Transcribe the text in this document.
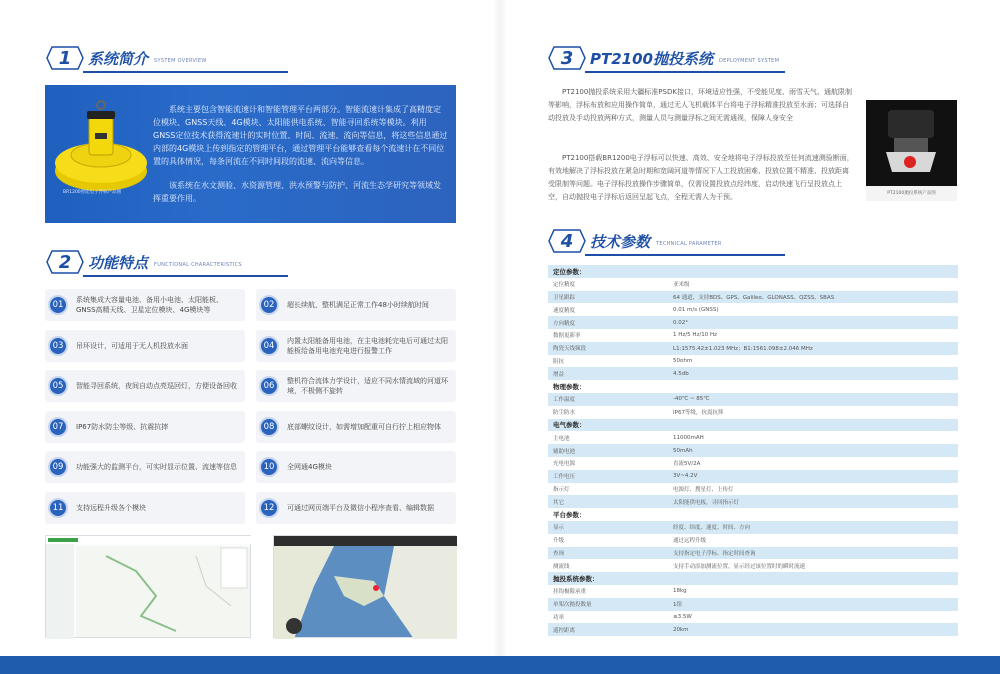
1 系统简介 SYSTEM OVERVIEW
BR1200智能电子浮标产品图

系统主要包含智能流速计和智能管理平台两部分。智能流速计集成了高精度定位模块、GNSS天线、4G模块、太阳能供电系统、智能寻回系统等模块。利用GNSS定位技术获得流速计的实时位置、时间、流速、流向等信息，将这些信息通过内部的4G模块上传到指定的管理平台，通过管理平台能够查看每个流速计在不同位置的具体情况，每条河流在不同时间段的流速、流向等信息。

该系统在水文测验、水资源管理、洪水预警与防护、河流生态学研究等领域发挥重要作用。

2 功能特点 FUNCTIONAL CHARACTERISTICS
01	系统集成大容量电池、备用小电池、太阳能板、GNSS高精天线、卫星定位模块、4G模块等	02	超长续航，整机满足正常工作48小时续航时间
03	吊环设计，可适用于无人机投放水面	04	内置太阳能备用电池，在主电池耗完电后可通过太阳能板给备用电池充电进行报警工作
05	智能寻回系统，夜间自动点亮巡回灯，方便设备回收	06	整机符合流体力学设计，适应不同水情流域的河道环境，不极侧不旋转
07	IP67防水防尘等级、抗震抗摔	08	底部螺纹设计，如需增加配重可自行拧上相应物体
09	功能强大的监测平台，可实时显示位置、流速等信息	10	全网通4G模块
11	支持远程升级各个模块	12	可通过网页端平台及微信小程序查看、编辑数据
3 PT2100抛投系统 DEPLOYMENT SYSTEM

PT2100抛投系统采用大疆标准PSDK接口，环境适应性强，不受能见度、雨雪天气、通航限制等影响，浮标布放和应用操作简单，通过无人飞机载体平台将电子浮标精准投放至水面；可选择自动投放及手动投放两种方式，测量人员与测量浮标之间无需通视，保障人身安全

PT2100搭载BR1200电子浮标可以快速、高效、安全地将电子浮标投放至任何流速测验断面，有效地解决了浮标投放在紧急时期和宽阔河道等情况下人工投放困难、投放位置不精准、投放距离受限制等问题。电子浮标投放操作步骤简单，仅需设置投放点经纬度，启动快速飞行呈投放点上空，自动抛投电子浮标后返回呈起飞点，全程无需人为干预。	PT2100抛投系统产品图
4 技术参数 TECHNICAL PARAMETER
定位参数：	
定位精度	亚米级
卫星跟踪	64 通道，支持BDS、GPS、Galileo、GLONASS、QZSS、SBAS
速度精度	0.01 m/s (GNSS)
方向精度	0.02°
数据更新率	1 Hz/5 Hz/10 Hz
陶瓷天线频段	L1:1575.42±1.023 MHz；B1:1561.098±2.046 MHz
阻抗	50ohm
增益	4.5db
物理参数：	
工作温度	-40℃ ~ 85℃
防尘防水	IP67等级，抗震抗摔
电气参数：	
主电池	11000mAH
辅助电池	50mAh
充电电源	直流5V/2A
工作电压	3V~4.2V
指示灯	电源灯、搜星灯、上传灯
其它	太阳能供电板，寻回指示灯
平台参数：	
显示	经度、纬度、速度、时间、方向
升级	通过远程升级
查询	支持指定电子浮标、指定时间查询
测流线	支持手动添加测流位置，显示经过该位置时的瞬时流速
抛投系统参数：	
挂钩极限承重	18kg
单架次抛投数量	1组
功率	≤3.5W
遥控距离	20km
